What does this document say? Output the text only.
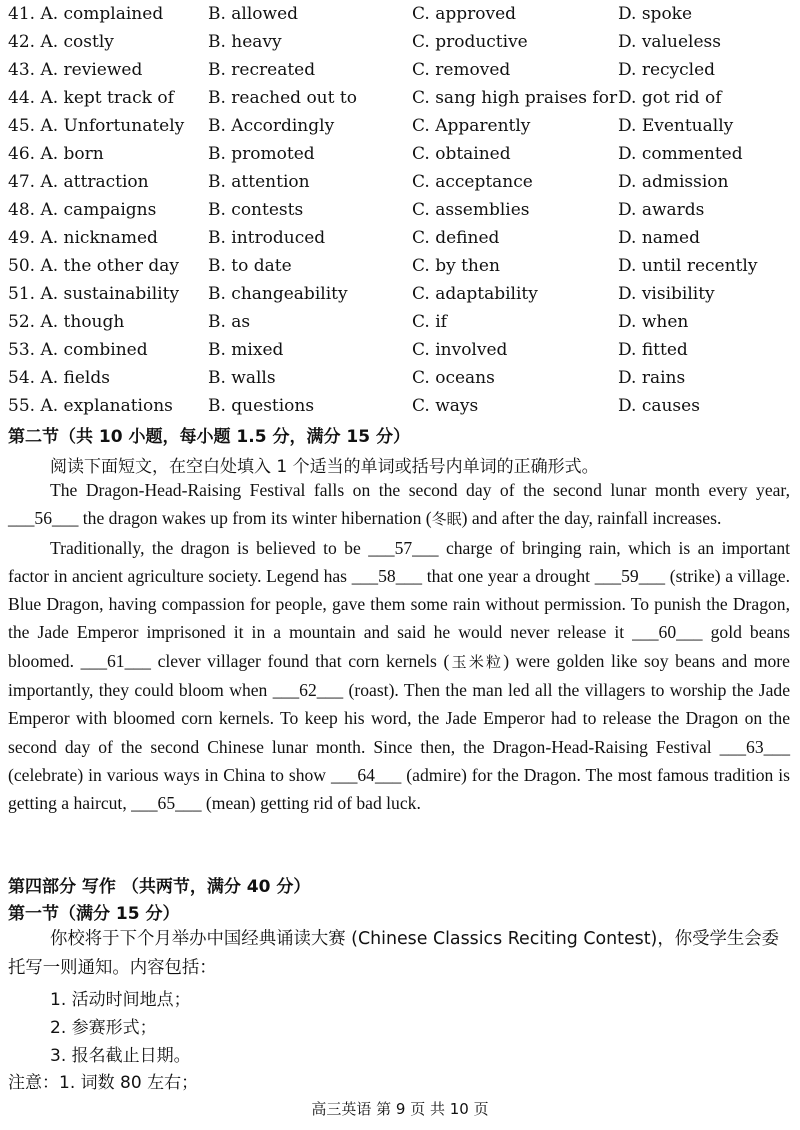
41. A. complained	B. allowed	C. approved	D. spoke
42. A. costly	B. heavy	C. productive	D. valueless
43. A. reviewed	B. recreated	C. removed	D. recycled
44. A. kept track of	B. reached out to	C. sang high praises for D. got rid of
45. A. Unfortunately	B. Accordingly	C. Apparently	D. Eventually
46. A. born	B. promoted	C. obtained	D. commented
47. A. attraction	B. attention	C. acceptance	D. admission
48. A. campaigns	B. contests	C. assemblies	D. awards
49. A. nicknamed	B. introduced	C. defined	D. named
50. A. the other day	B. to date	C. by then	D. until recently
51. A. sustainability	B. changeability	C. adaptability	D. visibility
52. A. though	B. as	C. if	D. when
53. A. combined	B. mixed	C. involved	D. fitted
54. A. fields	B. walls	C. oceans	D. rains
55. A. explanations	B. questions	C. ways	D. causes
第二节（共 10 小题，每小题 1.5 分，满分 15 分）
阅读下面短文，在空白处填入 1 个适当的单词或括号内单词的正确形式。

The Dragon-Head-Raising Festival falls on the second day of the second lunar month every year, ___56___ the dragon wakes up from its winter hibernation (冬眠) and after the day, rainfall increases.

Traditionally, the dragon is believed to be ___57___ charge of bringing rain, which is an important factor in ancient agriculture society. Legend has ___58___ that one year a drought ___59___ (strike) a village. Blue Dragon, having compassion for people, gave them some rain without permission. To punish the Dragon, the Jade Emperor imprisoned it in a mountain and said he would never release it ___60___ gold beans bloomed. ___61___ clever villager found that corn kernels (玉米粒) were golden like soy beans and more importantly, they could bloom when ___62___ (roast). Then the man led all the villagers to worship the Jade Emperor with bloomed corn kernels. To keep his word, the Jade Emperor had to release the Dragon on the second day of the second Chinese lunar month. Since then, the Dragon-Head-Raising Festival ___63___ (celebrate) in various ways in China to show ___64___ (admire) for the Dragon. The most famous tradition is getting a haircut, ___65___ (mean) getting rid of bad luck.

第四部分 写作 （共两节，满分 40 分）
第一节（满分 15 分）
你校将于下个月举办中国经典诵读大赛 (Chinese Classics Reciting Contest)，你受学生会委托写一则通知。内容包括：
1. 活动时间地点；
2. 参赛形式；
3. 报名截止日期。
注意：1. 词数 80 左右；
高三英语 第 9 页 共 10 页
